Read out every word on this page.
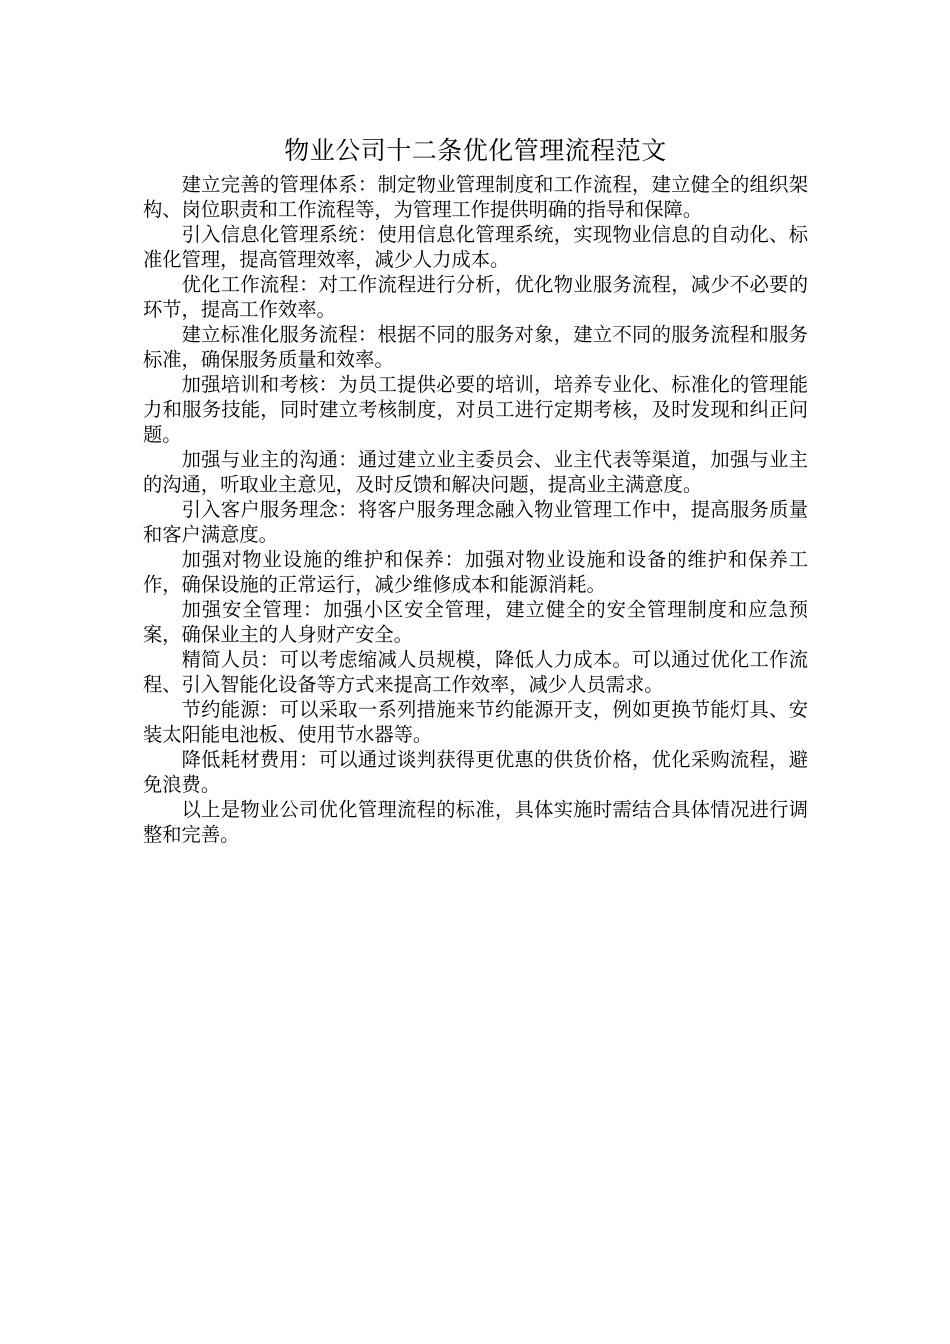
物业公司十二条优化管理流程范文

建立完善的管理体系：制定物业管理制度和工作流程，建立健全的组织架构、岗位职责和工作流程等，为管理工作提供明确的指导和保障。

引入信息化管理系统：使用信息化管理系统，实现物业信息的自动化、标准化管理，提高管理效率，减少人力成本。

优化工作流程：对工作流程进行分析，优化物业服务流程，减少不必要的环节，提高工作效率。

建立标准化服务流程：根据不同的服务对象，建立不同的服务流程和服务标准，确保服务质量和效率。

加强培训和考核：为员工提供必要的培训，培养专业化、标准化的管理能力和服务技能，同时建立考核制度，对员工进行定期考核，及时发现和纠正问题。

加强与业主的沟通：通过建立业主委员会、业主代表等渠道，加强与业主的沟通，听取业主意见，及时反馈和解决问题，提高业主满意度。

引入客户服务理念：将客户服务理念融入物业管理工作中，提高服务质量和客户满意度。

加强对物业设施的维护和保养：加强对物业设施和设备的维护和保养工作，确保设施的正常运行，减少维修成本和能源消耗。

加强安全管理：加强小区安全管理，建立健全的安全管理制度和应急预案，确保业主的人身财产安全。

精简人员：可以考虑缩减人员规模，降低人力成本。可以通过优化工作流程、引入智能化设备等方式来提高工作效率，减少人员需求。

节约能源：可以采取一系列措施来节约能源开支，例如更换节能灯具、安装太阳能电池板、使用节水器等。

降低耗材费用：可以通过谈判获得更优惠的供货价格，优化采购流程，避免浪费。

以上是物业公司优化管理流程的标准，具体实施时需结合具体情况进行调整和完善。
